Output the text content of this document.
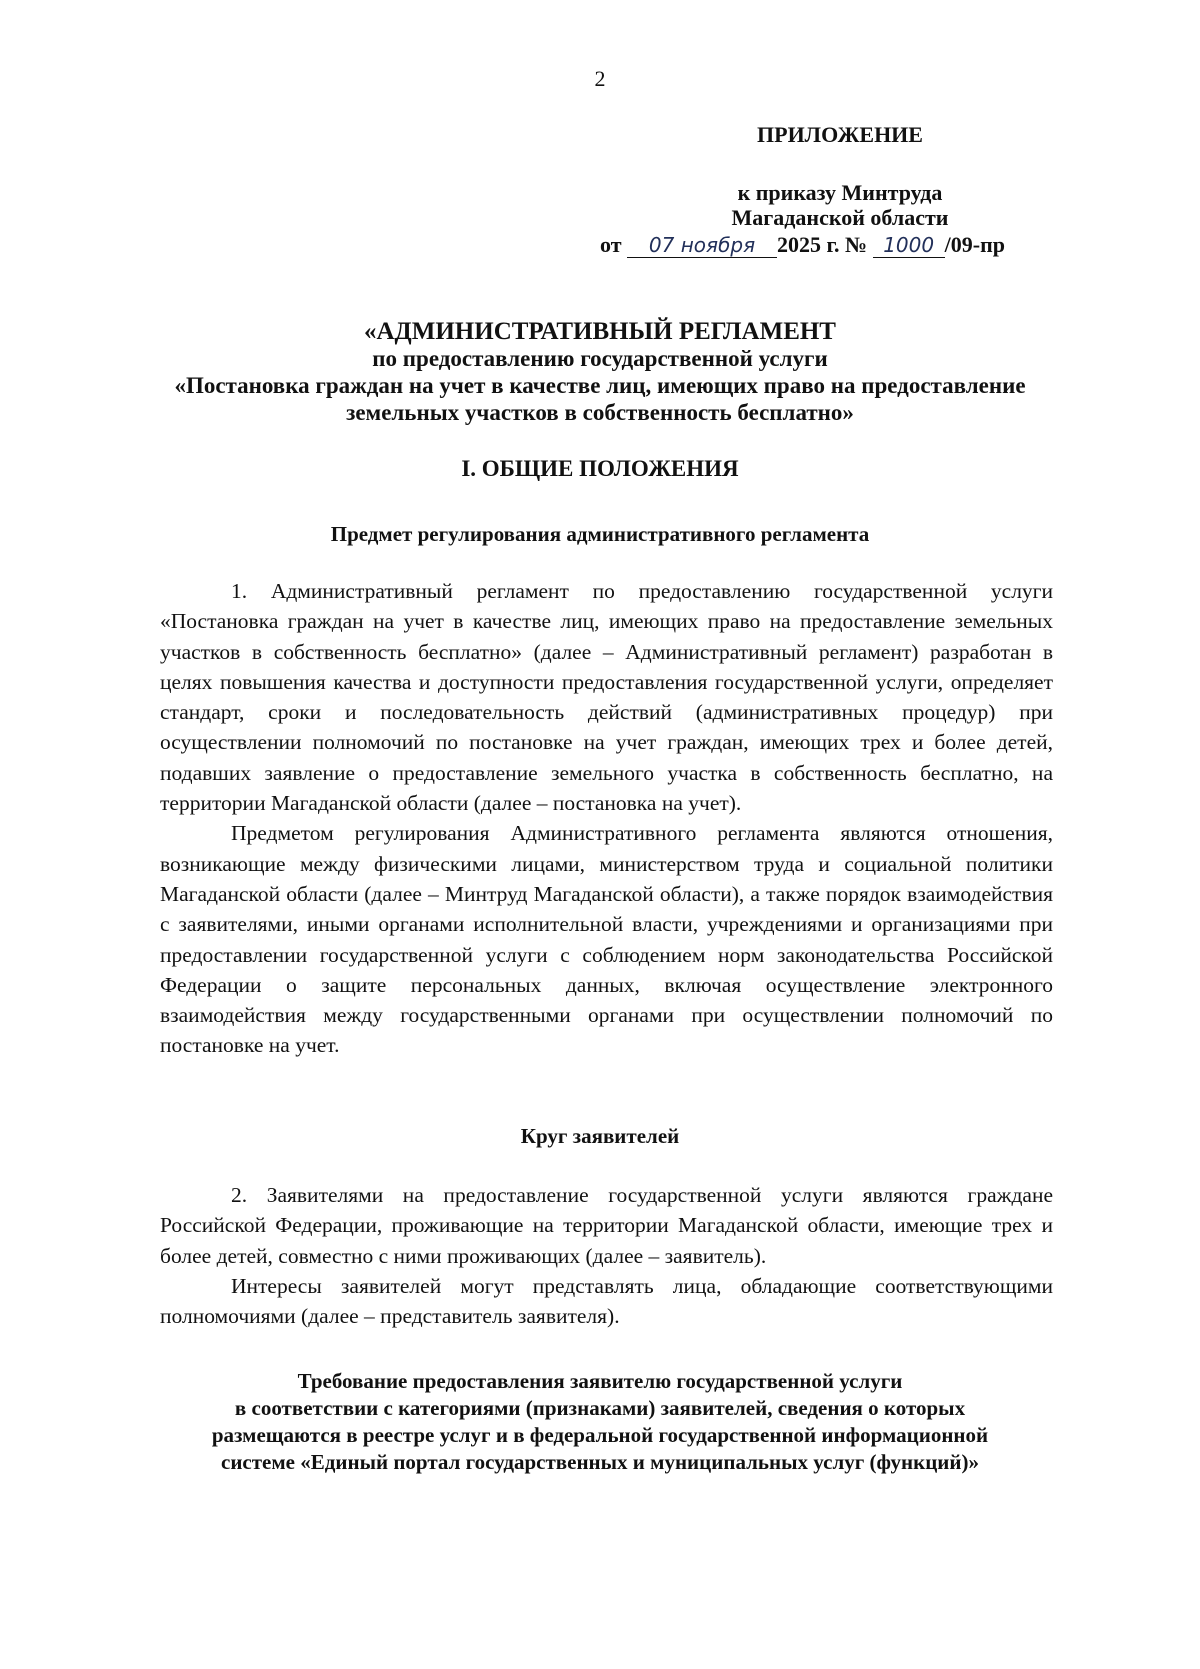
2
ПРИЛОЖЕНИЕ
к приказу Минтруда
Магаданской области
от 07 ноября 2025 г. № 1000 /09-пр
«АДМИНИСТРАТИВНЫЙ РЕГЛАМЕНТ
по предоставлению государственной услуги
«Постановка граждан на учет в качестве лиц, имеющих право на предоставление
земельных участков в собственность бесплатно»
I. ОБЩИЕ ПОЛОЖЕНИЯ
Предмет регулирования административного регламента

1. Административный регламент по предоставлению государственной услуги «Постановка граждан на учет в качестве лиц, имеющих право на предоставление земельных участков в собственность бесплатно» (далее – Административный регламент) разработан в целях повышения качества и доступности предоставления государственной услуги, определяет стандарт, сроки и последовательность действий (административных процедур) при осуществлении полномочий по постановке на учет граждан, имеющих трех и более детей, подавших заявление о предоставление земельного участка в собственность бесплатно, на территории Магаданской области (далее – постановка на учет).

Предметом регулирования Административного регламента являются отношения, возникающие между физическими лицами, министерством труда и социальной политики Магаданской области (далее – Минтруд Магаданской области), а также порядок взаимодействия с заявителями, иными органами исполнительной власти, учреждениями и организациями при предоставлении государственной услуги с соблюдением норм законодательства Российской Федерации о защите персональных данных, включая осуществление электронного взаимодействия между государственными органами при осуществлении полномочий по постановке на учет.

Круг заявителей

2. Заявителями на предоставление государственной услуги являются граждане Российской Федерации, проживающие на территории Магаданской области, имеющие трех и более детей, совместно с ними проживающих (далее – заявитель).

Интересы заявителей могут представлять лица, обладающие соответствующими полномочиями (далее – представитель заявителя).

Требование предоставления заявителю государственной услуги
в соответствии с категориями (признаками) заявителей, сведения о которых
размещаются в реестре услуг и в федеральной государственной информационной
системе «Единый портал государственных и муниципальных услуг (функций)»
